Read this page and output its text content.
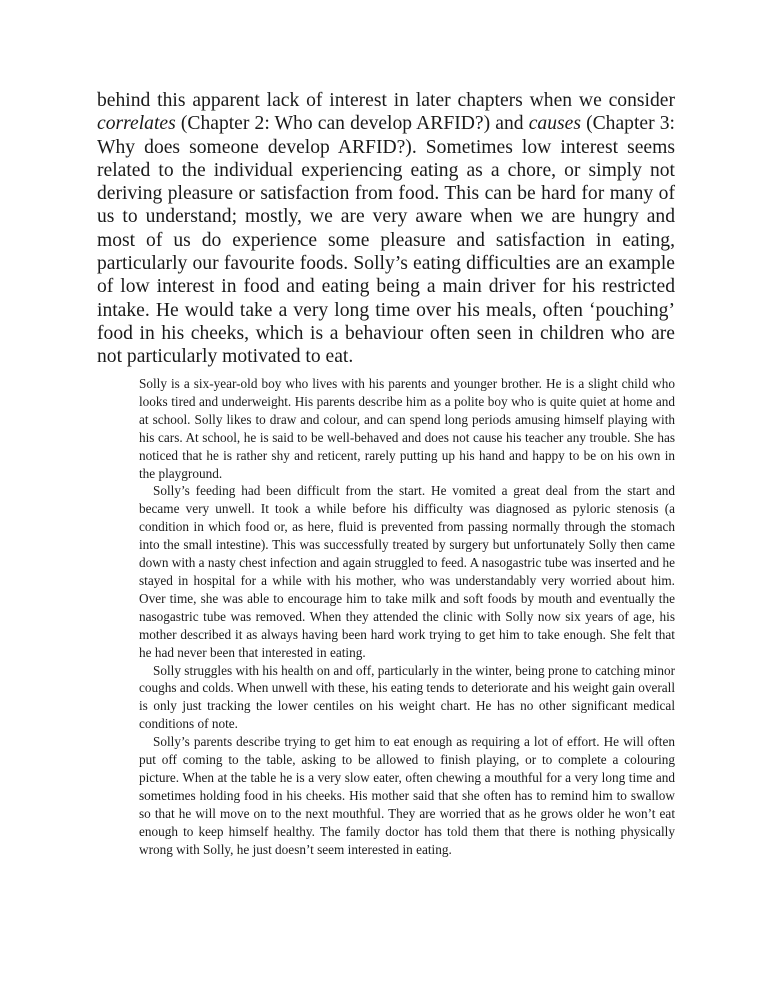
behind this apparent lack of interest in later chapters when we consider correlates (Chapter 2: Who can develop ARFID?) and causes (Chapter 3: Why does someone develop ARFID?). Sometimes low interest seems related to the individual experiencing eating as a chore, or simply not deriving pleasure or satisfaction from food. This can be hard for many of us to understand; mostly, we are very aware when we are hungry and most of us do experience some pleasure and satisfaction in eating, particularly our favourite foods. Solly’s eating difficulties are an example of low interest in food and eating being a main driver for his restricted intake. He would take a very long time over his meals, often ‘pouching’ food in his cheeks, which is a behaviour often seen in children who are not particularly motivated to eat.

Solly is a six-year-old boy who lives with his parents and younger brother. He is a slight child who looks tired and underweight. His parents describe him as a polite boy who is quite quiet at home and at school. Solly likes to draw and colour, and can spend long periods amusing himself playing with his cars. At school, he is said to be well-behaved and does not cause his teacher any trouble. She has noticed that he is rather shy and reticent, rarely putting up his hand and happy to be on his own in the playground.

Solly’s feeding had been difficult from the start. He vomited a great deal from the start and became very unwell. It took a while before his difficulty was diagnosed as pyloric stenosis (a condition in which food or, as here, fluid is prevented from passing normally through the stomach into the small intestine). This was successfully treated by surgery but unfortunately Solly then came down with a nasty chest infection and again struggled to feed. A nasogastric tube was inserted and he stayed in hospital for a while with his mother, who was understandably very worried about him. Over time, she was able to encourage him to take milk and soft foods by mouth and eventually the nasogastric tube was removed. When they attended the clinic with Solly now six years of age, his mother described it as always having been hard work trying to get him to take enough. She felt that he had never been that interested in eating.

Solly struggles with his health on and off, particularly in the winter, being prone to catching minor coughs and colds. When unwell with these, his eating tends to deteriorate and his weight gain overall is only just tracking the lower centiles on his weight chart. He has no other significant medical conditions of note.

Solly’s parents describe trying to get him to eat enough as requiring a lot of effort. He will often put off coming to the table, asking to be allowed to finish playing, or to complete a colouring picture. When at the table he is a very slow eater, often chewing a mouthful for a very long time and sometimes holding food in his cheeks. His mother said that she often has to remind him to swallow so that he will move on to the next mouthful. They are worried that as he grows older he won’t eat enough to keep himself healthy. The family doctor has told them that there is nothing physically wrong with Solly, he just doesn’t seem interested in eating.
